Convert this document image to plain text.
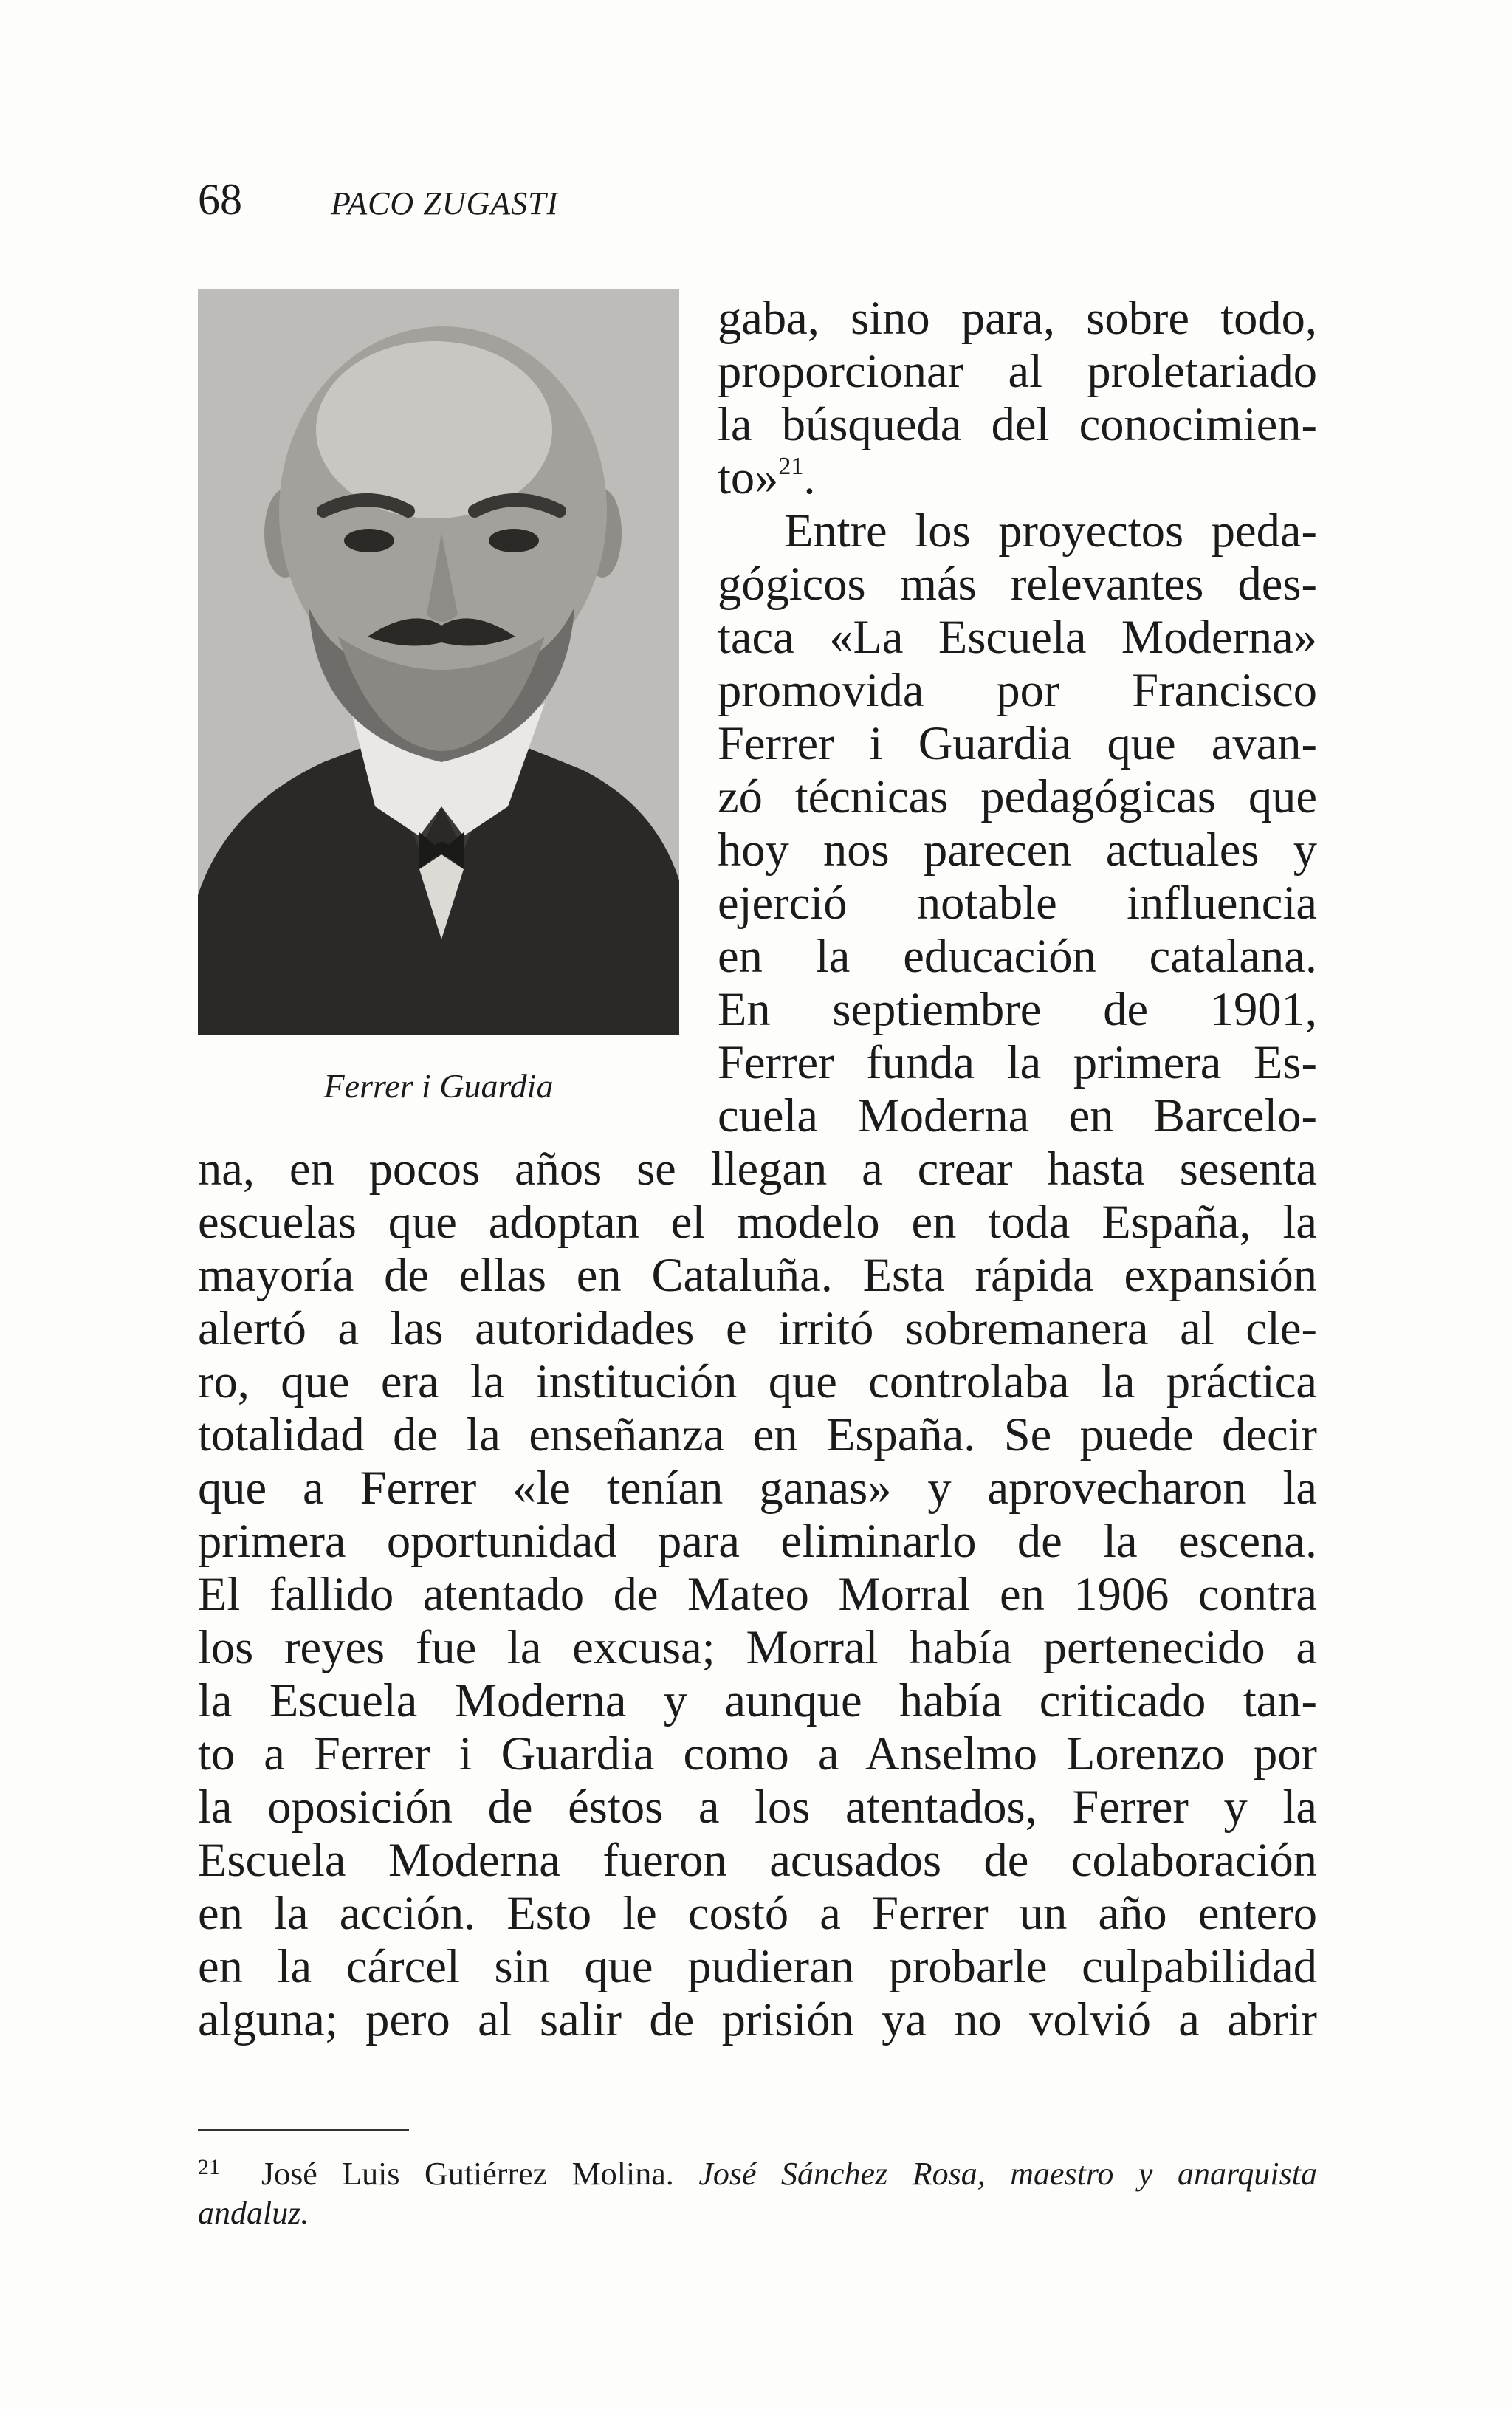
68	PACO ZUGASTI
Ferrer i Guardia
gaba, sino para, sobre todo,
proporcionar al proletariado
la búsqueda del conocimien-
to»$^{21}$.
Entre los proyectos peda-
gógicos más relevantes des-
taca «La Escuela Moderna»
promovida por Francisco
Ferrer i Guardia que avan-
zó técnicas pedagógicas que
hoy nos parecen actuales y
ejerció notable influencia
en la educación catalana.
En septiembre de 1901,
Ferrer funda la primera Es-
cuela Moderna en Barcelo-
na, en pocos años se llegan a crear hasta sesenta
escuelas que adoptan el modelo en toda España, la
mayoría de ellas en Cataluña. Esta rápida expansión
alertó a las autoridades e irritó sobremanera al cle-
ro, que era la institución que controlaba la práctica
totalidad de la enseñanza en España. Se puede decir
que a Ferrer «le tenían ganas» y aprovecharon la
primera oportunidad para eliminarlo de la escena.
El fallido atentado de Mateo Morral en 1906 contra
los reyes fue la excusa; Morral había pertenecido a
la Escuela Moderna y aunque había criticado tan-
to a Ferrer i Guardia como a Anselmo Lorenzo por
la oposición de éstos a los atentados, Ferrer y la
Escuela Moderna fueron acusados de colaboración
en la acción. Esto le costó a Ferrer un año entero
en la cárcel sin que pudieran probarle culpabilidad
alguna; pero al salir de prisión ya no volvió a abrir
$^{21}$ José Luis Gutiérrez Molina. José Sánchez Rosa, maestro y anarquista
andaluz.
